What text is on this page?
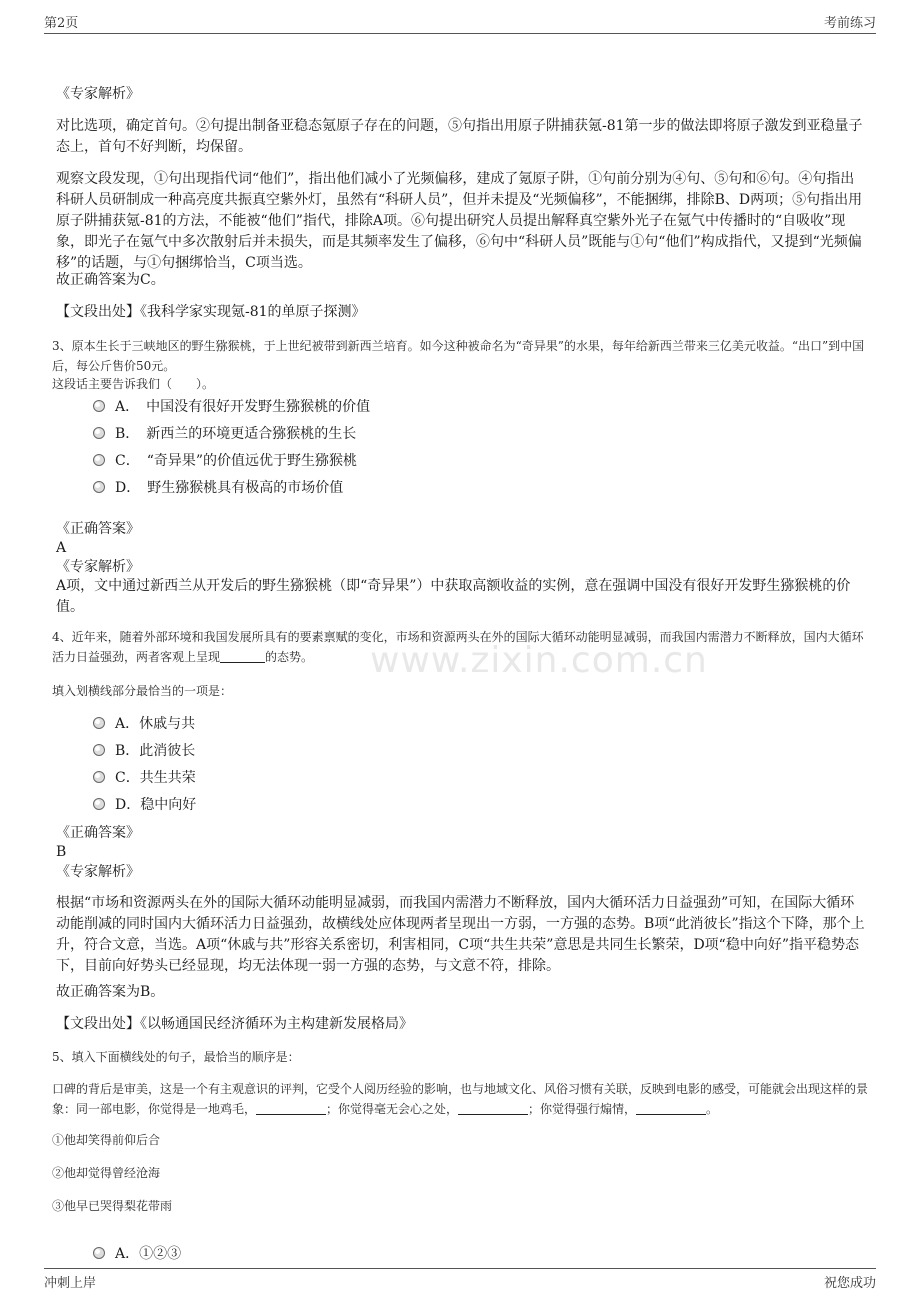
第2页	考前练习
www.zixin.com.cn
《专家解析》
对比选项，确定首句。②句提出制备亚稳态氪原子存在的问题，⑤句指出用原子阱捕获氪-81第一步的做法即将原子激发到亚稳量子态上，首句不好判断，均保留。
观察文段发现，①句出现指代词“他们”，指出他们减小了光频偏移，建成了氪原子阱，①句前分别为④句、⑤句和⑥句。④句指出科研人员研制成一种高亮度共振真空紫外灯，虽然有“科研人员”，但并未提及“光频偏移”，不能捆绑，排除B、D两项；⑤句指出用原子阱捕获氪-81的方法，不能被“他们”指代，排除A项。⑥句提出研究人员提出解释真空紫外光子在氪气中传播时的“自吸收”现象，即光子在氪气中多次散射后并未损失，而是其频率发生了偏移，⑥句中“科研人员”既能与①句“他们”构成指代，又提到“光频偏移”的话题，与①句捆绑恰当，C项当选。
故正确答案为C。
【文段出处】《我科学家实现氪-81的单原子探测》
3、原本生长于三峡地区的野生猕猴桃，于上世纪被带到新西兰培育。如今这种被命名为“奇异果”的水果，每年给新西兰带来三亿美元收益。“出口”到中国后，每公斤售价50元。
这段话主要告诉我们（　　）。
A．　中国没有很好开发野生猕猴桃的价值
B．　新西兰的环境更适合猕猴桃的生长
C．　“奇异果”的价值远优于野生猕猴桃
D．　野生猕猴桃具有极高的市场价值
《正确答案》
A
《专家解析》
A项，文中通过新西兰从开发后的野生猕猴桃（即“奇异果”）中获取高额收益的实例，意在强调中国没有很好开发野生猕猴桃的价值。
4、近年来，随着外部环境和我国发展所具有的要素禀赋的变化，市场和资源两头在外的国际大循环动能明显减弱，而我国内需潜力不断释放，国内大循环活力日益强劲，两者客观上呈现	的态势。
填入划横线部分最恰当的一项是：
A．休戚与共
B．此消彼长
C．共生共荣
D．稳中向好
《正确答案》
B
《专家解析》
根据“市场和资源两头在外的国际大循环动能明显减弱，而我国内需潜力不断释放，国内大循环活力日益强劲”可知，在国际大循环动能削减的同时国内大循环活力日益强劲，故横线处应体现两者呈现出一方弱，一方强的态势。B项“此消彼长”指这个下降，那个上升，符合文意，当选。A项“休戚与共”形容关系密切，利害相同，C项“共生共荣”意思是共同生长繁荣，D项“稳中向好”指平稳势态下，目前向好势头已经显现，均无法体现一弱一方强的态势，与文意不符，排除。
故正确答案为B。
【文段出处】《以畅通国民经济循环为主构建新发展格局》
5、填入下面横线处的句子，最恰当的顺序是：
口碑的背后是审美，这是一个有主观意识的评判，它受个人阅历经验的影响，也与地域文化、风俗习惯有关联，反映到电影的感受，可能就会出现这样的景象：同一部电影，你觉得是一地鸡毛，	；你觉得毫无会心之处，	；你觉得强行煽情，	。
①他却笑得前仰后合
②他却觉得曾经沧海
③他早已哭得梨花带雨
A．①②③
冲刺上岸	祝您成功
